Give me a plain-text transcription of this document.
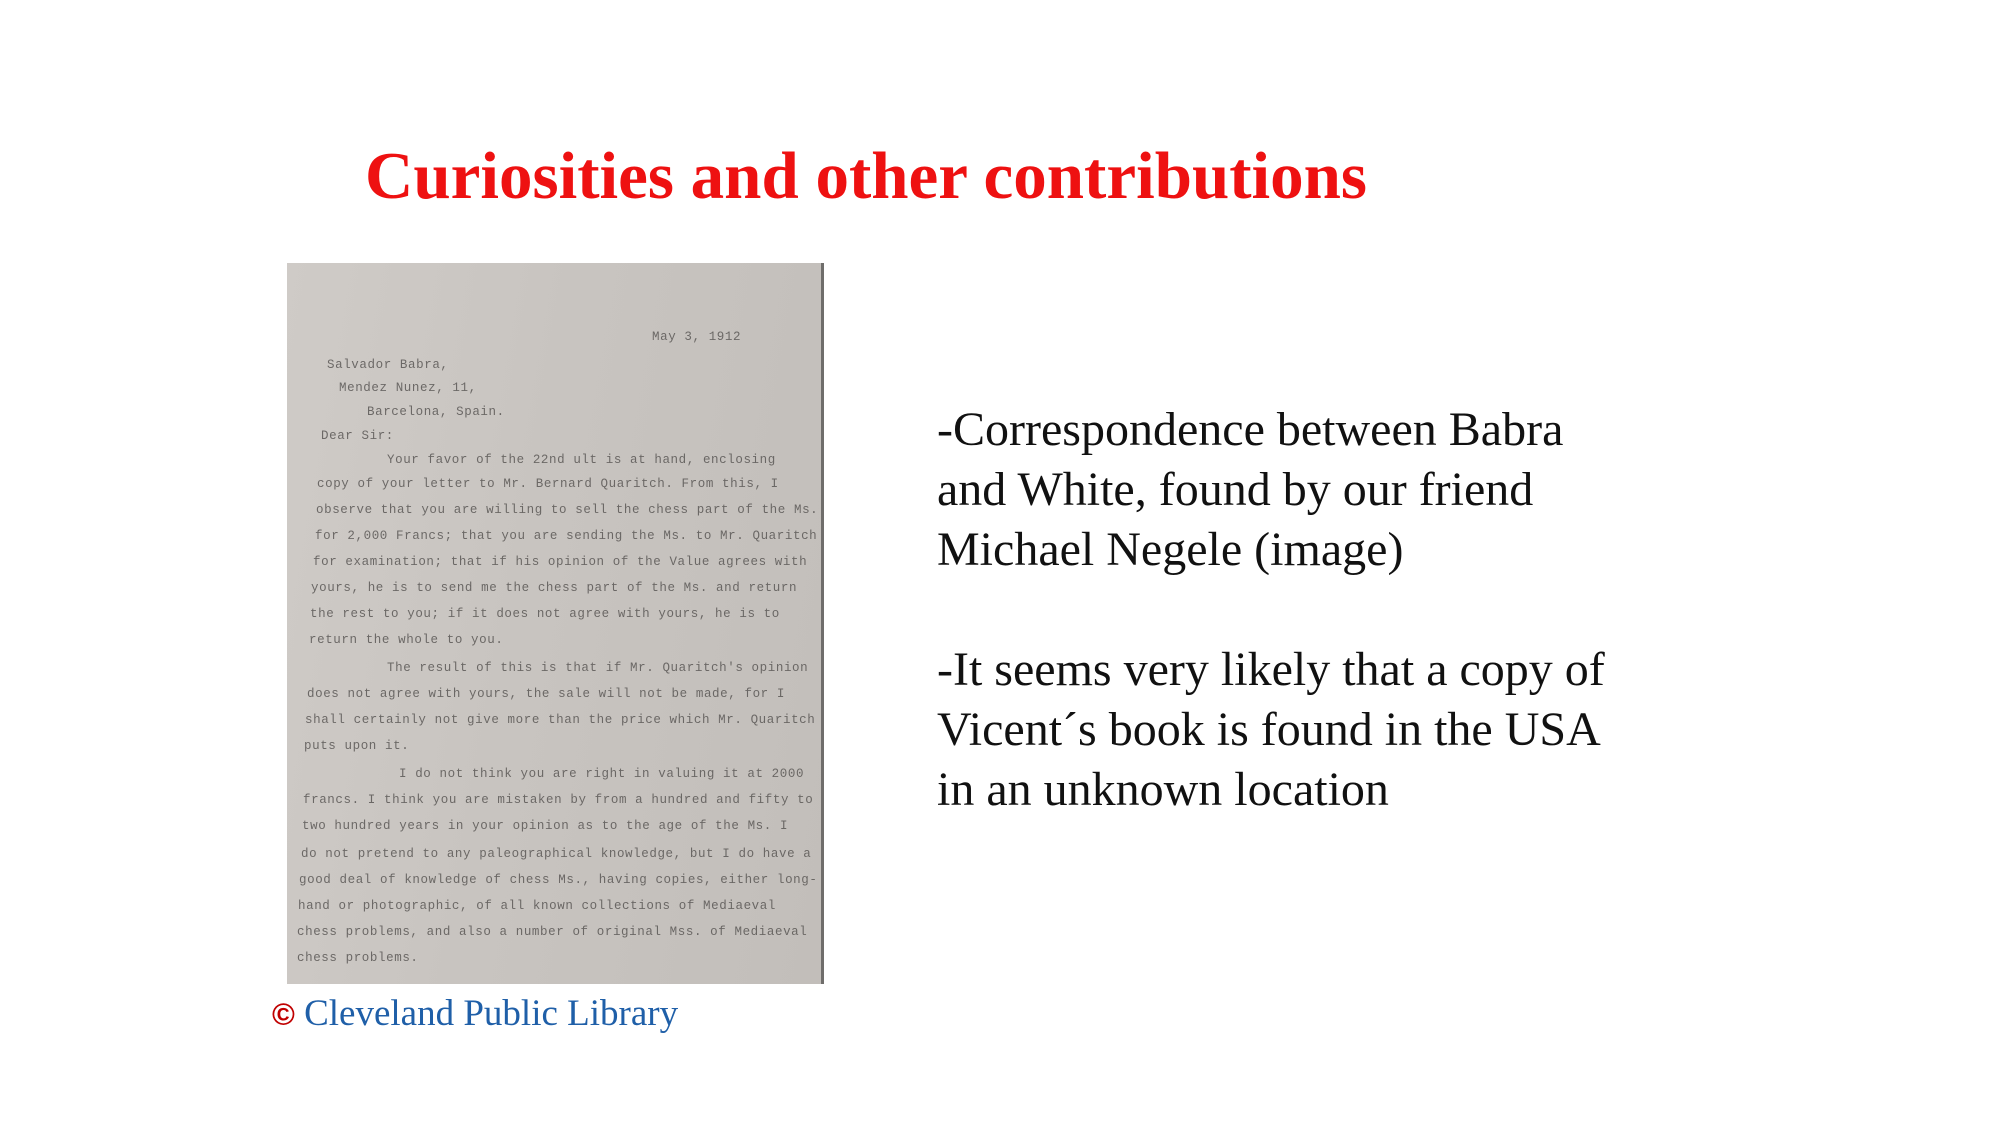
Curiosities and other contributions
May 3, 1912
Salvador Babra,
Mendez Nunez, 11,
Barcelona, Spain.
Dear Sir:
Your favor of the 22nd ult is at hand, enclosing
copy of your letter to Mr. Bernard Quaritch. From this, I
observe that you are willing to sell the chess part of the Ms.
for 2,000 Francs; that you are sending the Ms. to Mr. Quaritch
for examination; that if his opinion of the Value agrees with
yours, he is to send me the chess part of the Ms. and return
the rest to you; if it does not agree with yours, he is to
return the whole to you.
The result of this is that if Mr. Quaritch's opinion
does not agree with yours, the sale will not be made, for I
shall certainly not give more than the price which Mr. Quaritch
puts upon it.
I do not think you are right in valuing it at 2000
francs. I think you are mistaken by from a hundred and fifty to
two hundred years in your opinion as to the age of the Ms. I
do not pretend to any paleographical knowledge, but I do have a
good deal of knowledge of chess Ms., having copies, either long-
hand or photographic, of all known collections of Mediaeval
chess problems, and also a number of original Mss. of Mediaeval
chess problems.
© Cleveland Public Library

-Correspondence between Babra
and White, found by our friend
Michael Negele (image)

-It seems very likely that a copy of
Vicent´s book is found in the USA
in an unknown location
